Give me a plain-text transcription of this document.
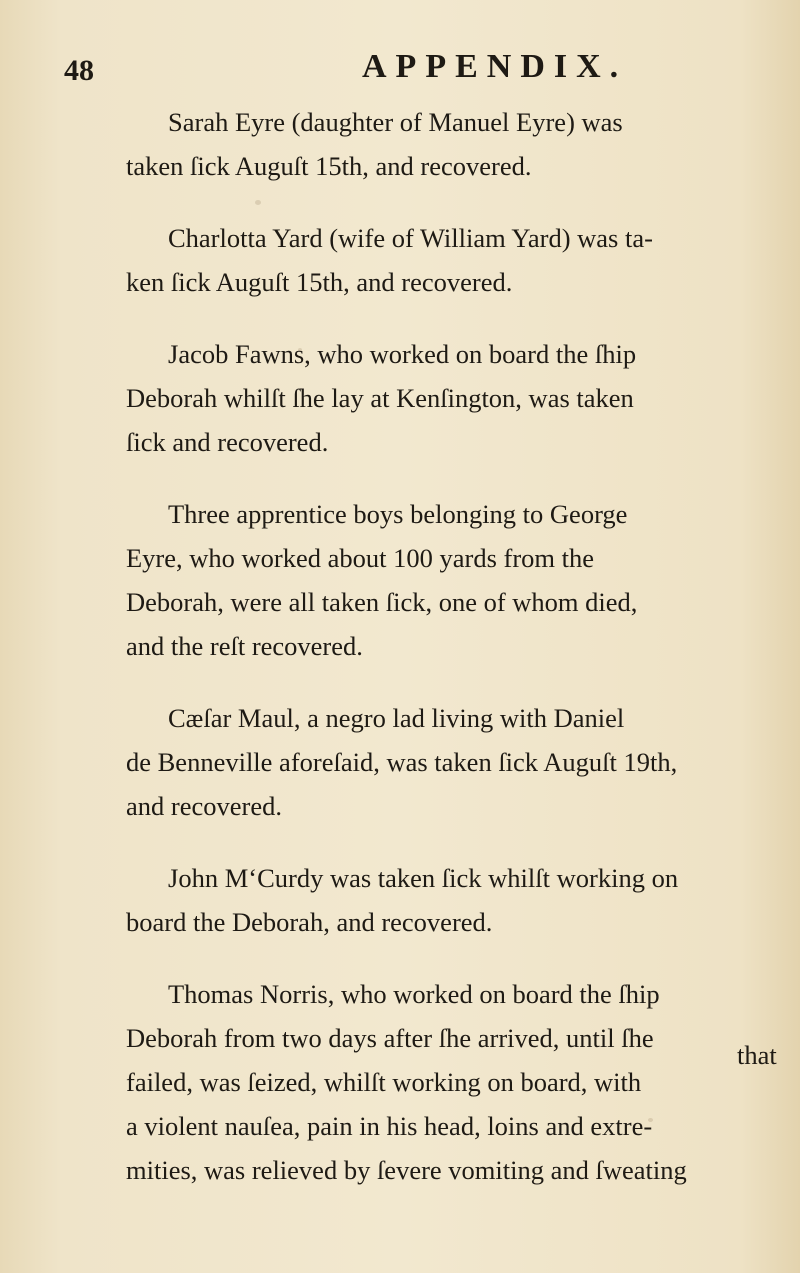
48	APPENDIX.

Sarah Eyre (daughter of Manuel Eyre) was
taken ſick Auguſt 15th, and recovered.

Charlotta Yard (wife of William Yard) was ta-
ken ſick Auguſt 15th, and recovered.

Jacob Fawns, who worked on board the ſhip
Deborah whilſt ſhe lay at Kenſington, was taken
ſick and recovered.

Three apprentice boys belonging to George
Eyre, who worked about 100 yards from the
Deborah, were all taken ſick, one of whom died,
and the reſt recovered.

Cæſar Maul, a negro lad living with Daniel
de Benneville aforeſaid, was taken ſick Auguſt 19th,
and recovered.

John M‘Curdy was taken ſick whilſt working on
board the Deborah, and recovered.

Thomas Norris, who worked on board the ſhip
Deborah from two days after ſhe arrived, until ſhe
failed, was ſeized, whilſt working on board, with
a violent nauſea, pain in his head, loins and extre-
mities, was relieved by ſevere vomiting and ſweating

that
